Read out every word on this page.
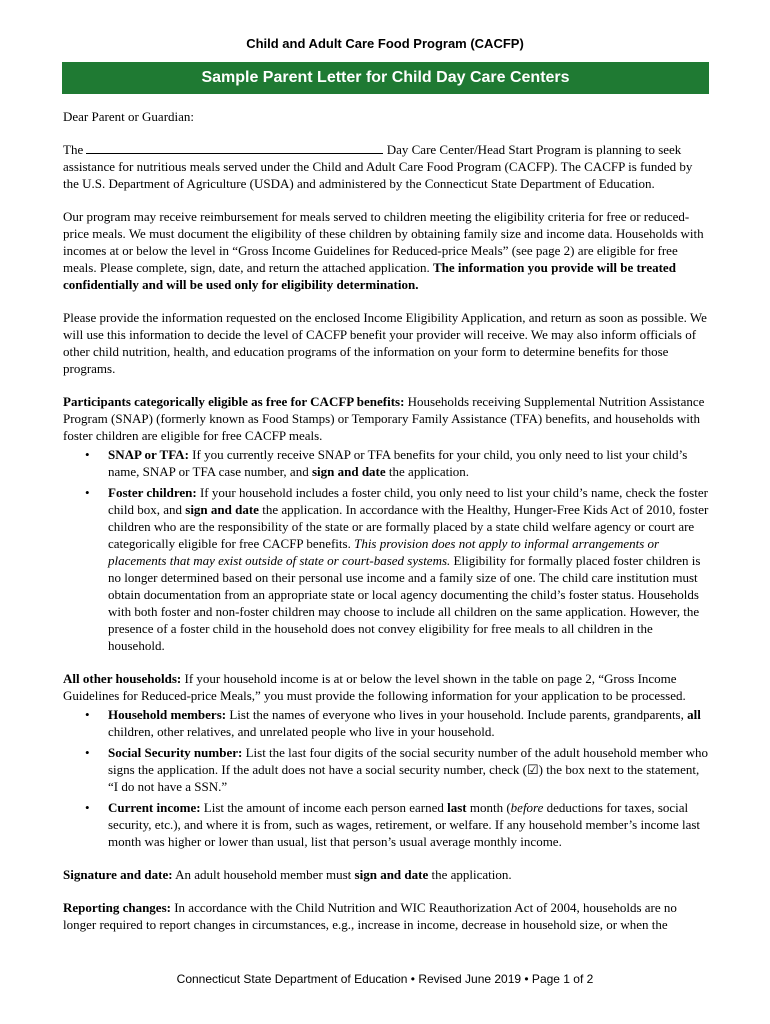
Child and Adult Care Food Program (CACFP)
Sample Parent Letter for Child Day Care Centers

Dear Parent or Guardian:

The	Day Care Center/Head Start Program is planning to seek assistance for nutritious meals served under the Child and Adult Care Food Program (CACFP). The CACFP is funded by the U.S. Department of Agriculture (USDA) and administered by the Connecticut State Department of Education.

Our program may receive reimbursement for meals served to children meeting the eligibility criteria for free or reduced-price meals. We must document the eligibility of these children by obtaining family size and income data. Households with incomes at or below the level in “Gross Income Guidelines for Reduced-price Meals” (see page 2) are eligible for free meals. Please complete, sign, date, and return the attached application. The information you provide will be treated confidentially and will be used only for eligibility determination.

Please provide the information requested on the enclosed Income Eligibility Application, and return as soon as possible. We will use this information to decide the level of CACFP benefit your provider will receive. We may also inform officials of other child nutrition, health, and education programs of the information on your form to determine benefits for those programs.

Participants categorically eligible as free for CACFP benefits: Households receiving Supplemental Nutrition Assistance Program (SNAP) (formerly known as Food Stamps) or Temporary Family Assistance (TFA) benefits, and households with foster children are eligible for free CACFP meals.

• SNAP or TFA: If you currently receive SNAP or TFA benefits for your child, you only need to list your child’s name, SNAP or TFA case number, and sign and date the application.
• Foster children: If your household includes a foster child, you only need to list your child’s name, check the foster child box, and sign and date the application. In accordance with the Healthy, Hunger-Free Kids Act of 2010, foster children who are the responsibility of the state or are formally placed by a state child welfare agency or court are categorically eligible for free CACFP benefits. This provision does not apply to informal arrangements or placements that may exist outside of state or court-based systems. Eligibility for formally placed foster children is no longer determined based on their personal use income and a family size of one. The child care institution must obtain documentation from an appropriate state or local agency documenting the child’s foster status. Households with both foster and non-foster children may choose to include all children on the same application. However, the presence of a foster child in the household does not convey eligibility for free meals to all children in the household.

All other households: If your household income is at or below the level shown in the table on page 2, “Gross Income Guidelines for Reduced-price Meals,” you must provide the following information for your application to be processed.

• Household members: List the names of everyone who lives in your household. Include parents, grandparents, all children, other relatives, and unrelated people who live in your household.
• Social Security number: List the last four digits of the social security number of the adult household member who signs the application. If the adult does not have a social security number, check (☑) the box next to the statement, “I do not have a SSN.”
• Current income: List the amount of income each person earned last month (before deductions for taxes, social security, etc.), and where it is from, such as wages, retirement, or welfare. If any household member’s income last month was higher or lower than usual, list that person’s usual average monthly income.

Signature and date: An adult household member must sign and date the application.

Reporting changes: In accordance with the Child Nutrition and WIC Reauthorization Act of 2004, households are no longer required to report changes in circumstances, e.g., increase in income, decrease in household size, or when the

Connecticut State Department of Education • Revised June 2019 • Page 1 of 2
